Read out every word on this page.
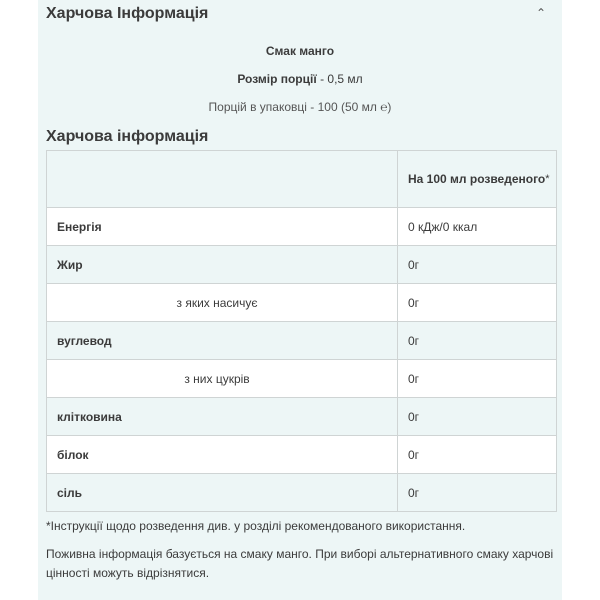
Харчова Інформація	⌃
Смак манго
Розмір порції - 0,5 мл
Порцій в упаковці - 100 (50 мл ℮)
Харчова інформація
	На 100 мл розведеного*
Енергія	0 кДж/0 ккал
Жир	0г

з яких насичує	0г
вуглевод	0г

з них цукрів	0г
клітковина	0г
білок	0г
сіль	0г
*Інструкції щодо розведення див. у розділі рекомендованого використання.
Поживна інформація базується на смаку манго. При виборі альтернативного смаку харчові цінності можуть відрізнятися.
